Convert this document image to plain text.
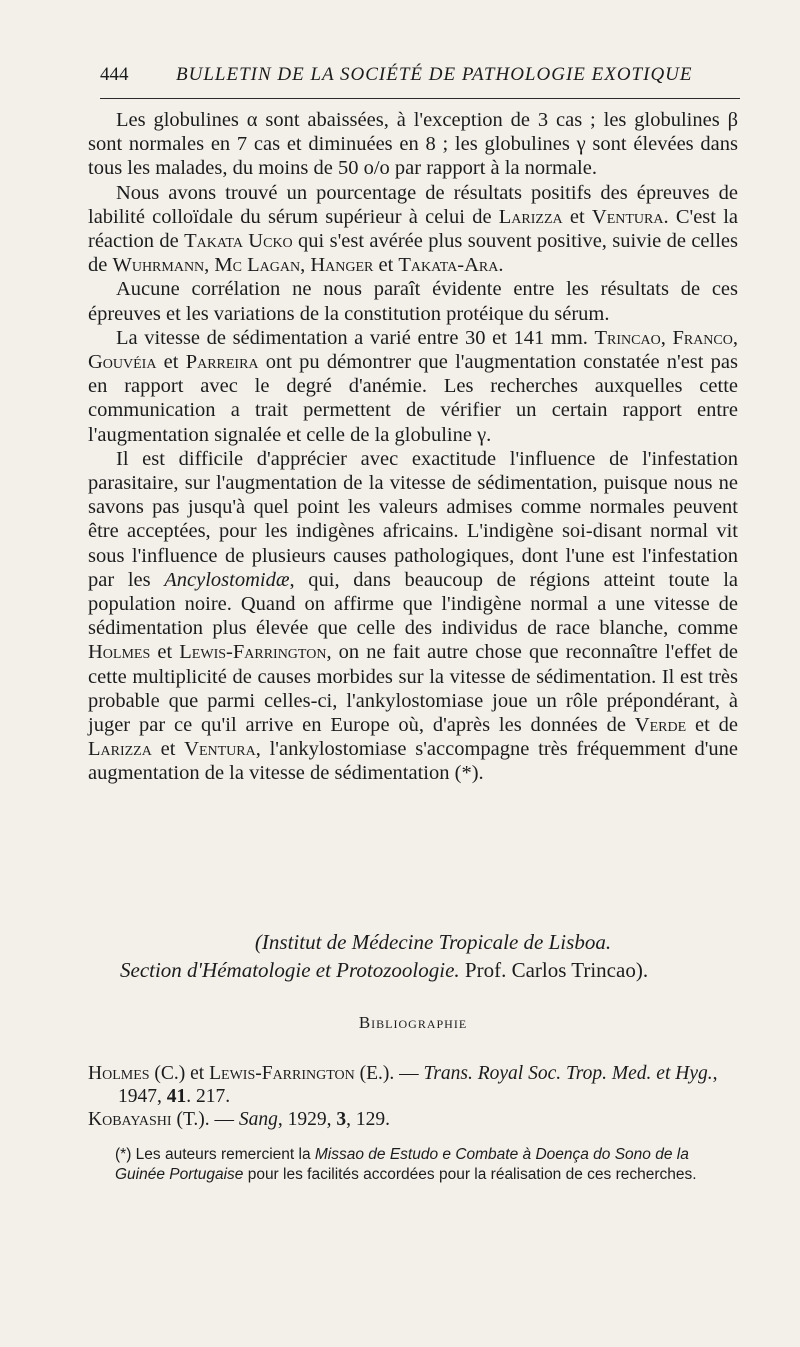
444	BULLETIN DE LA SOCIÉTÉ DE PATHOLOGIE EXOTIQUE

Les globulines α sont abaissées, à l'exception de 3 cas ; les globulines β sont normales en 7 cas et diminuées en 8 ; les globulines γ sont élevées dans tous les malades, du moins de 50 o/o par rapport à la normale.

Nous avons trouvé un pourcentage de résultats positifs des épreuves de labilité colloïdale du sérum supérieur à celui de Larizza et Ventura. C'est la réaction de Takata Ucko qui s'est avérée plus souvent positive, suivie de celles de Wuhrmann, Mc Lagan, Hanger et Takata-Ara.

Aucune corrélation ne nous paraît évidente entre les résultats de ces épreuves et les variations de la constitution protéique du sérum.

La vitesse de sédimentation a varié entre 30 et 141 mm. Trincao, Franco, Gouvéia et Parreira ont pu démontrer que l'augmentation constatée n'est pas en rapport avec le degré d'anémie. Les recherches auxquelles cette communication a trait permettent de vérifier un certain rapport entre l'augmentation signalée et celle de la globuline γ.

Il est difficile d'apprécier avec exactitude l'influence de l'infestation parasitaire, sur l'augmentation de la vitesse de sédimentation, puisque nous ne savons pas jusqu'à quel point les valeurs admises comme normales peuvent être acceptées, pour les indigènes africains. L'indigène soi-disant normal vit sous l'influence de plusieurs causes pathologiques, dont l'une est l'infestation par les Ancylostomidæ, qui, dans beaucoup de régions atteint toute la population noire. Quand on affirme que l'indigène normal a une vitesse de sédimentation plus élevée que celle des individus de race blanche, comme Holmes et Lewis-Farrington, on ne fait autre chose que reconnaître l'effet de cette multiplicité de causes morbides sur la vitesse de sédimentation. Il est très probable que parmi celles-ci, l'ankylostomiase joue un rôle prépondérant, à juger par ce qu'il arrive en Europe où, d'après les données de Verde et de Larizza et Ventura, l'ankylostomiase s'accompagne très fréquemment d'une augmentation de la vitesse de sédimentation (*).

(Institut de Médecine Tropicale de Lisboa.
Section d'Hématologie et Protozoologie. Prof. Carlos Trincao).
Bibliographie

Holmes (C.) et Lewis-Farrington (E.). — Trans. Royal Soc. Trop. Med. et Hyg., 1947, 41. 217.

Kobayashi (T.). — Sang, 1929, 3, 129.

(*) Les auteurs remercient la Missao de Estudo e Combate à Doença do Sono de la Guinée Portugaise pour les facilités accordées pour la réalisation de ces recherches.
